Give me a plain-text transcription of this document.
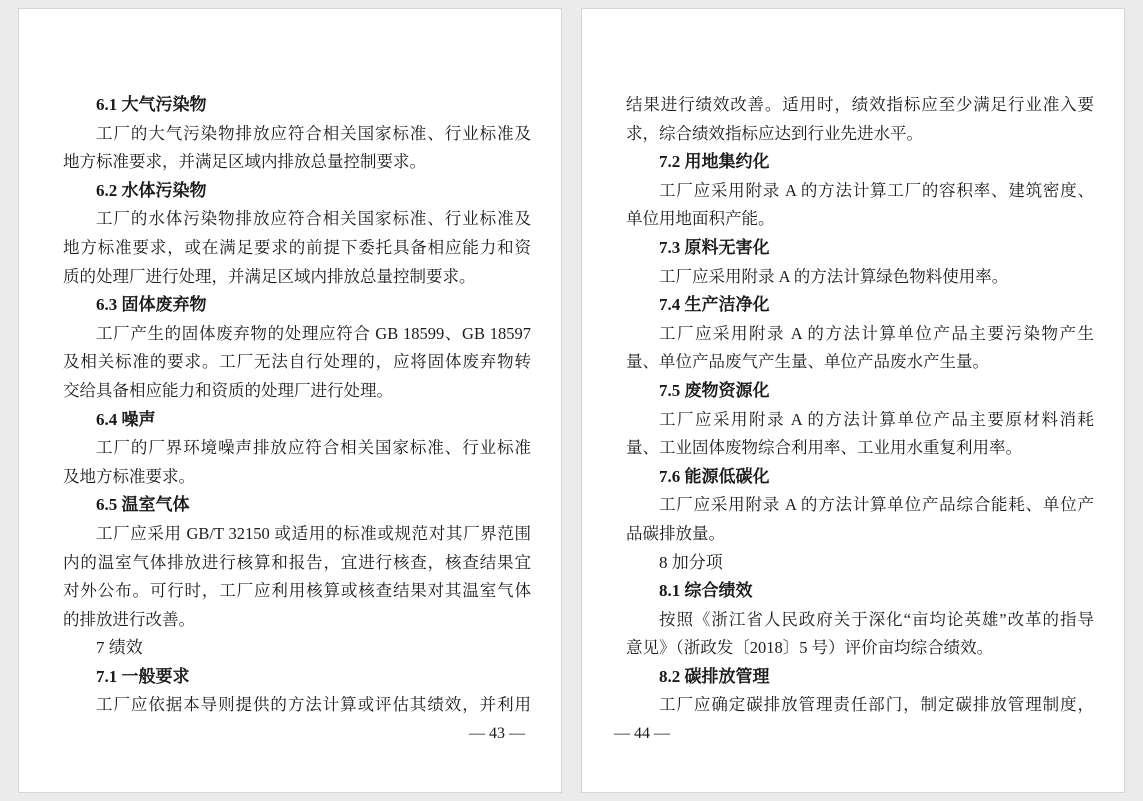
6.1 大气污染物
工厂的大气污染物排放应符合相关国家标准、行业标准及
地方标准要求，并满足区域内排放总量控制要求。
6.2 水体污染物
工厂的水体污染物排放应符合相关国家标准、行业标准及
地方标准要求，或在满足要求的前提下委托具备相应能力和资
质的处理厂进行处理，并满足区域内排放总量控制要求。
6.3 固体废弃物
工厂产生的固体废弃物的处理应符合 GB 18599、GB 18597
及相关标准的要求。工厂无法自行处理的，应将固体废弃物转
交给具备相应能力和资质的处理厂进行处理。
6.4 噪声
工厂的厂界环境噪声排放应符合相关国家标准、行业标准
及地方标准要求。
6.5 温室气体
工厂应采用 GB/T 32150 或适用的标准或规范对其厂界范围
内的温室气体排放进行核算和报告，宜进行核查，核查结果宜
对外公布。可行时，工厂应利用核算或核查结果对其温室气体
的排放进行改善。
7 绩效
7.1 一般要求
工厂应依据本导则提供的方法计算或评估其绩效，并利用
— 43 —
结果进行绩效改善。适用时，绩效指标应至少满足行业准入要
求，综合绩效指标应达到行业先进水平。
7.2 用地集约化
工厂应采用附录 A 的方法计算工厂的容积率、建筑密度、
单位用地面积产能。
7.3 原料无害化
工厂应采用附录 A 的方法计算绿色物料使用率。
7.4 生产洁净化
工厂应采用附录 A 的方法计算单位产品主要污染物产生
量、单位产品废气产生量、单位产品废水产生量。
7.5 废物资源化
工厂应采用附录 A 的方法计算单位产品主要原材料消耗
量、工业固体废物综合利用率、工业用水重复利用率。
7.6 能源低碳化
工厂应采用附录 A 的方法计算单位产品综合能耗、单位产
品碳排放量。
8 加分项
8.1 综合绩效
按照《浙江省人民政府关于深化“亩均论英雄”改革的指导
意见》（浙政发〔2018〕5 号）评价亩均综合绩效。
8.2 碳排放管理
工厂应确定碳排放管理责任部门，制定碳排放管理制度，
— 44 —
